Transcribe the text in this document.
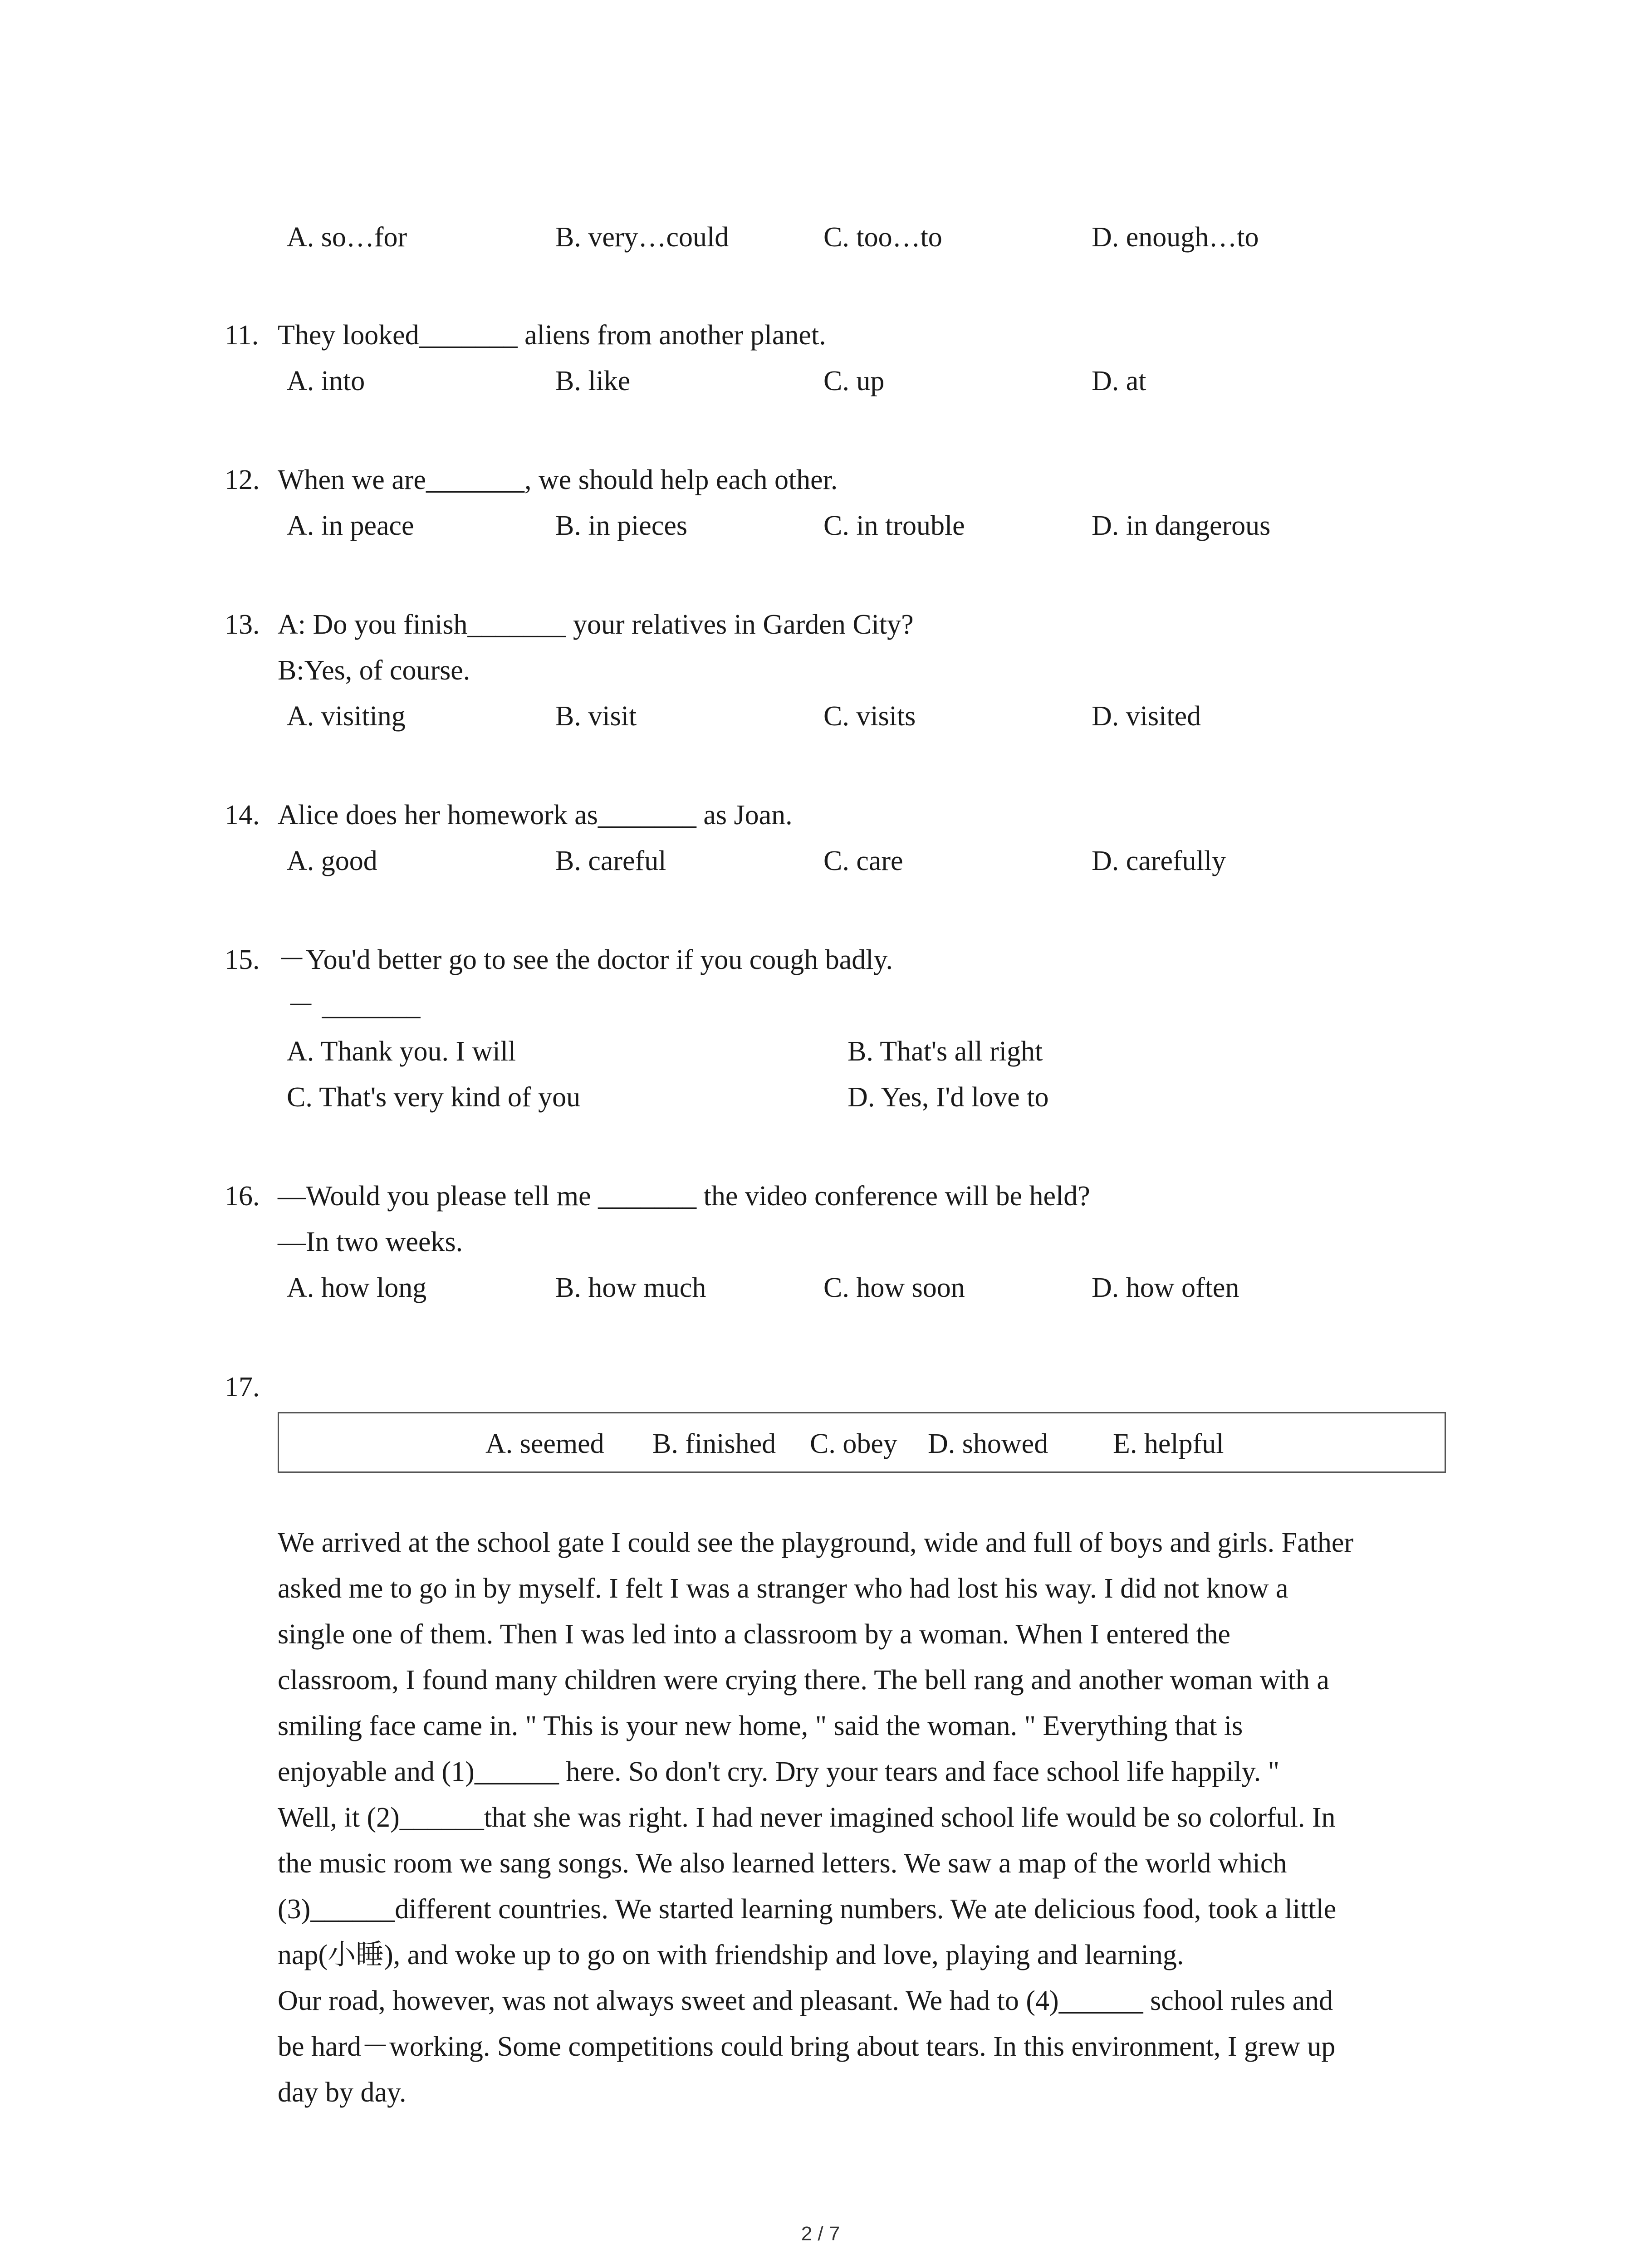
A. so…for	B. very…could	C. too…to	D. enough…to
11. They looked_______ aliens from another planet.
A. into	B. like	C. up	D. at
12. When we are_______, we should help each other.
A. in peace	B. in pieces	C. in trouble	D. in dangerous
13. A: Do you finish_______ your relatives in Garden City?
B:Yes, of course.
A. visiting	B. visit	C. visits	D. visited
14. Alice does her homework as_______ as Joan.
A. good	B. careful	C. care	D. carefully
15. －You'd better go to see the doctor if you cough badly.
－ _______
A. Thank you. I will	B. That's all right
C. That's very kind of you	D. Yes, I'd love to
16. —Would you please tell me _______ the video conference will be held?
—In two weeks.
A. how long	B. how much	C. how soon	D. how often
17.
A. seemed B. finished C. obey D. showed E. helpful
We arrived at the school gate I could see the playground, wide and full of boys and girls. Father
asked me to go in by myself. I felt I was a stranger who had lost his way. I did not know a
single one of them. Then I was led into a classroom by a woman. When I entered the
classroom, I found many children were crying there. The bell rang and another woman with a
smiling face came in. " This is your new home, " said the woman. " Everything that is
enjoyable and (1)______ here. So don't cry. Dry your tears and face school life happily. "
Well, it (2)______that she was right. I had never imagined school life would be so colorful. In
the music room we sang songs. We also learned letters. We saw a map of the world which
(3)______different countries. We started learning numbers. We ate delicious food, took a little
nap(小睡), and woke up to go on with friendship and love, playing and learning.
Our road, however, was not always sweet and pleasant. We had to (4)______ school rules and
be hard－working. Some competitions could bring about tears. In this environment, I grew up
day by day.
2 / 7
